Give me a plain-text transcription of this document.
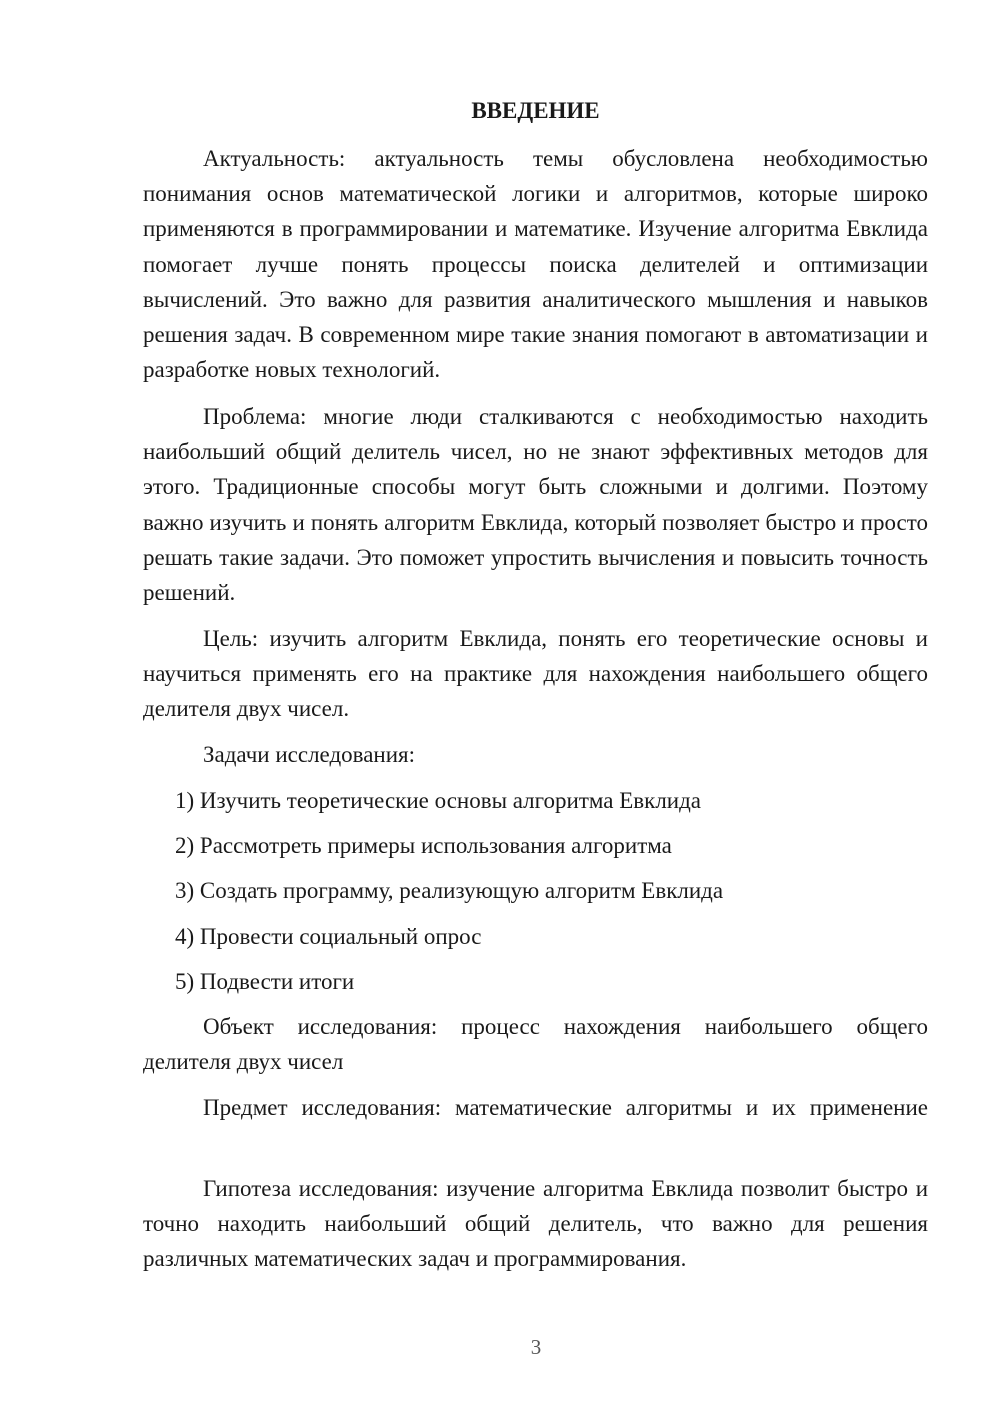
ВВЕДЕНИЕ

Актуальность: актуальность темы обусловлена необходимостью понимания основ математической логики и алгоритмов, которые широко применяются в программировании и математике. Изучение алгоритма Евклида помогает лучше понять процессы поиска делителей и оптимизации вычислений. Это важно для развития аналитического мышления и навыков решения задач. В современном мире такие знания помогают в автоматизации и разработке новых технологий.

Проблема: многие люди сталкиваются с необходимостью находить наибольший общий делитель чисел, но не знают эффективных методов для этого. Традиционные способы могут быть сложными и долгими. Поэтому важно изучить и понять алгоритм Евклида, который позволяет быстро и просто решать такие задачи. Это поможет упростить вычисления и повысить точность решений.

Цель: изучить алгоритм Евклида, понять его теоретические основы и научиться применять его на практике для нахождения наибольшего общего делителя двух чисел.

Задачи исследования:

1) Изучить теоретические основы алгоритма Евклида

2) Рассмотреть примеры использования алгоритма

3) Создать программу, реализующую алгоритм Евклида

4) Провести социальный опрос

5) Подвести итоги

Объект исследования: процесс нахождения наибольшего общего делителя двух чисел

Предмет исследования: математические алгоритмы и их применение

Гипотеза исследования: изучение алгоритма Евклида позволит быстро и точно находить наибольший общий делитель, что важно для решения различных математических задач и программирования.

3
